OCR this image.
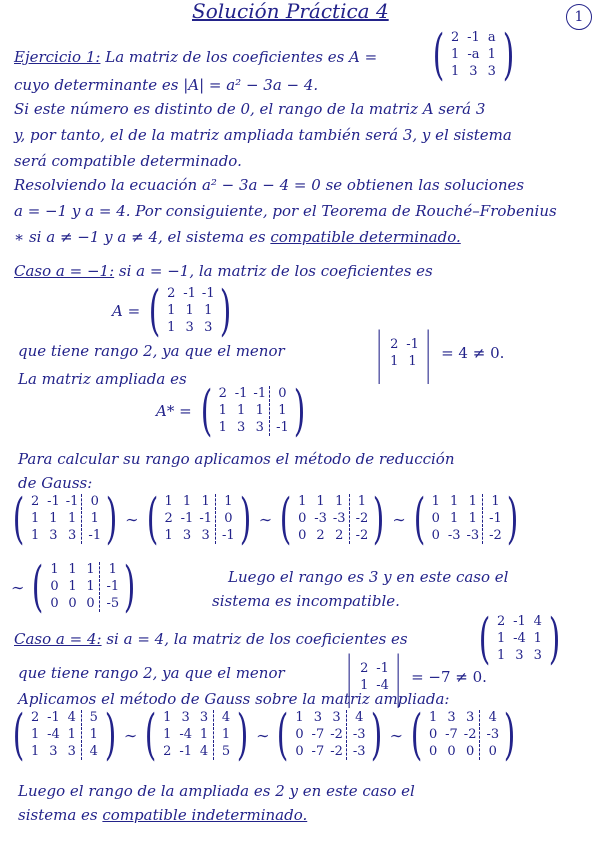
Solución Práctica 4	1
Ejercicio 1: La matriz de los coeficientes es A = ( 2 -1 a
1 -a 1
1 3 3 )
cuyo determinante es |A| = a² − 3a − 4.
Si este número es distinto de 0, el rango de la matriz A será 3
y, por tanto, el de la matriz ampliada también será 3, y el sistema
será compatible determinado.
Resolviendo la ecuación a² − 3a − 4 = 0 se obtienen las soluciones
a = −1 y a = 4. Por consiguiente, por el Teorema de Rouché–Frobenius
∗ si a ≠ −1 y a ≠ 4, el sistema es compatible determinado.
Caso a = −1: si a = −1, la matriz de los coeficientes es
A = ( 2 -1 -1
1 1 1
1 3 3 )
que tiene rango 2, ya que el menor | 2 -1
1 1 | = 4 ≠ 0.
La matriz ampliada es
A* = ( 2 -1 -1 0
1 1 1	1
1 3 3 -1 )
Para calcular su rango aplicamos el método de reducción
de Gauss:
( 2 -1 -1 0
1 1 1	1
1 3 3 -1 ) ∼ ( 1 1 1	1
2 -1 -1 0
1 3 3 -1 ) ∼ ( 1 1 1	1
0 -3 -3 -2
0 2 2 -2 ) ∼ ( 1 1 1	1
0 1 1 -1
0 -3 -3 -2 )
∼ ( 1 1 1	1
0 1 1 -1
0 0 0 -5 )	Luego el rango es 3 y en este caso el
sistema es incompatible.
Caso a = 4: si a = 4, la matriz de los coeficientes es ( 2 -1 4
1 -4 1
1 3 3 )
que tiene rango 2, ya que el menor | 2 -1
1 -4 | = −7 ≠ 0.
Aplicamos el método de Gauss sobre la matriz ampliada:
( 2 -1 4	5
1 -4 1	1
1 3 3	4 ) ∼ ( 1 3 3	4
1 -4 1	1
2 -1 4	5 ) ∼ ( 1 3 3	4
0 -7 -2 -3
0 -7 -2 -3 ) ∼ ( 1 3 3	4
0 -7 -2 -3
0 0 0	0 )
Luego el rango de la ampliada es 2 y en este caso el
sistema es compatible indeterminado.
